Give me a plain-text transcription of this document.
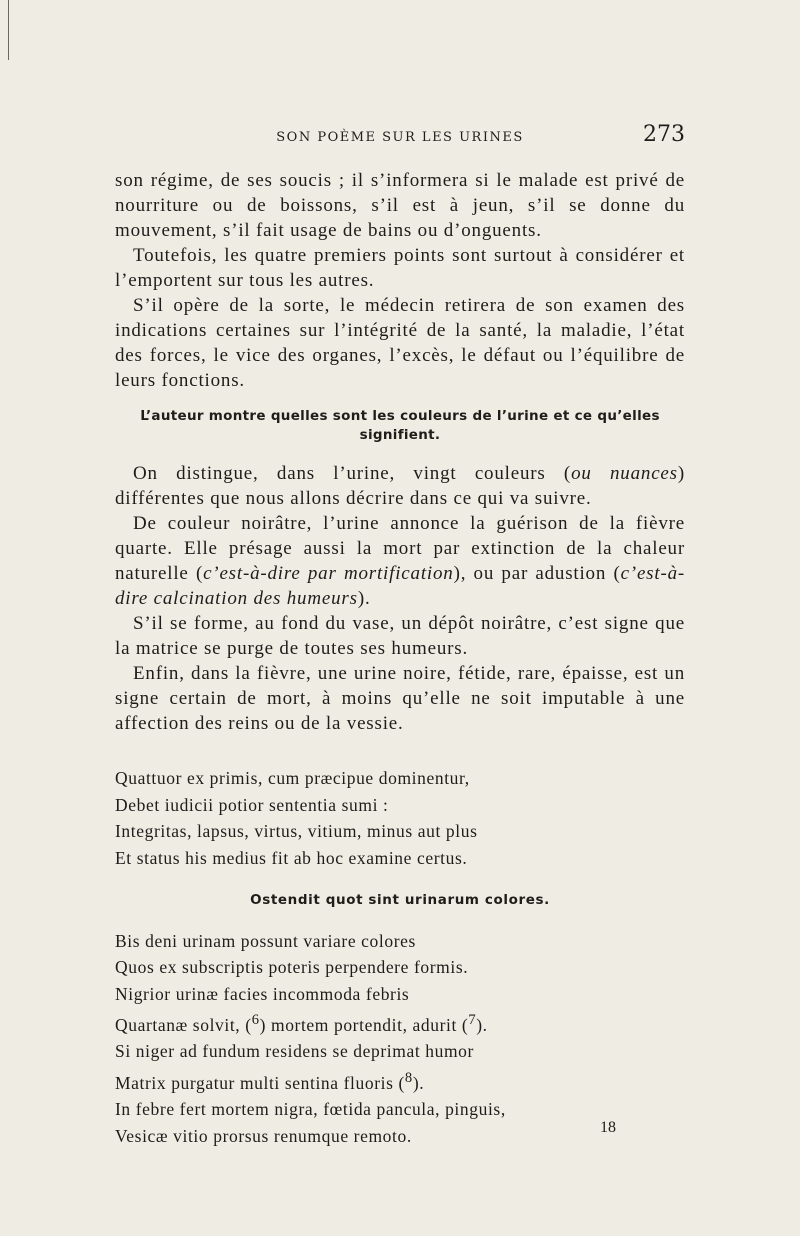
SON POÈME SUR LES URINES	273

son régime, de ses soucis ; il s’informera si le malade est privé de nourriture ou de boissons, s’il est à jeun, s’il se donne du mouvement, s’il fait usage de bains ou d’onguents.

Toutefois, les quatre premiers points sont surtout à considérer et l’emportent sur tous les autres.

S’il opère de la sorte, le médecin retirera de son examen des indications certaines sur l’intégrité de la santé, la maladie, l’état des forces, le vice des organes, l’excès, le défaut ou l’équilibre de leurs fonctions.

L’auteur montre quelles sont les couleurs de l’urine et ce qu’elles
signifient.

On distingue, dans l’urine, vingt couleurs (ou nuances) différentes que nous allons décrire dans ce qui va suivre.

De couleur noirâtre, l’urine annonce la guérison de la fièvre quarte. Elle présage aussi la mort par extinction de la chaleur naturelle (c’est-à-dire par mortification), ou par adustion (c’est-à-dire calcination des humeurs).

S’il se forme, au fond du vase, un dépôt noirâtre, c’est signe que la matrice se purge de toutes ses humeurs.

Enfin, dans la fièvre, une urine noire, fétide, rare, épaisse, est un signe certain de mort, à moins qu’elle ne soit imputable à une affection des reins ou de la vessie.

Quattuor ex primis, cum præcipue dominentur,
Debet iudicii potior sententia sumi :
Integritas, lapsus, virtus, vitium, minus aut plus
Et status his medius fit ab hoc examine certus.
Ostendit quot sint urinarum colores.
Bis deni urinam possunt variare colores
Quos ex subscriptis poteris perpendere formis.
Nigrior urinæ facies incommoda febris
Quartanæ solvit, ($^6$) mortem portendit, adurit ($^7$).
Si niger ad fundum residens se deprimat humor
Matrix purgatur multi sentina fluoris ($^8$).
In febre fert mortem nigra, fœtida pancula, pinguis,
Vesicæ vitio prorsus renumque remoto.	18
